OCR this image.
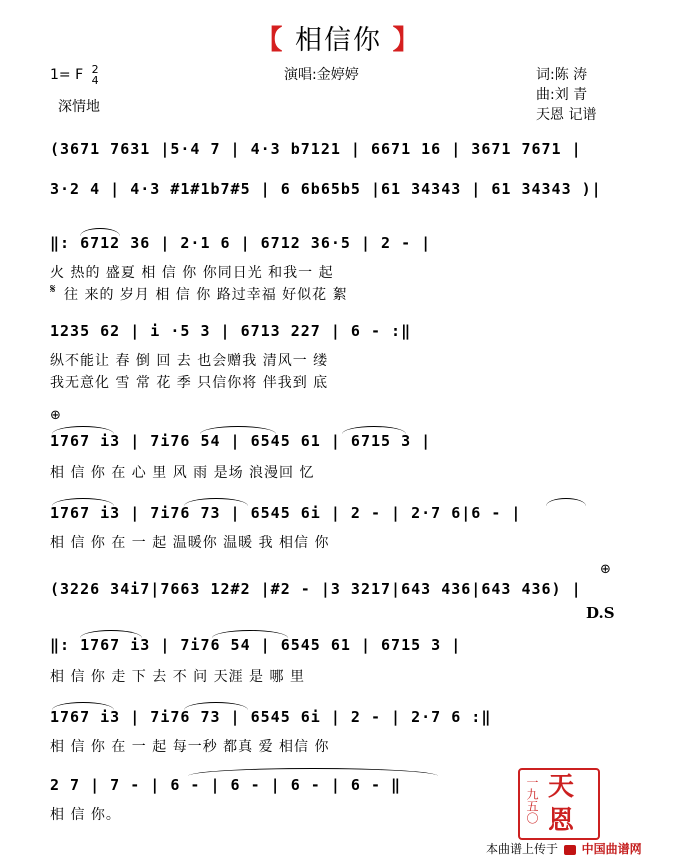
【 相信你 】
1= F 2
4
深情地
演唱:金婷婷	词:陈 涛
曲:刘 青
天恩 记谱
(3671 7631 |5·4 7 | 4·3 b7121 | 6671 16 | 3671 7671 |
3·2 4 | 4·3 #1#1b7#5 | 6 6b65b5 |61 34343 | 61 34343 )|
‖: 6712 36 | 2·1 6 | 6712 36·5 | 2 - |
火 热的 盛夏 相 信 你 你同日光 和我一 起
𝄋 往 来的 岁月 相 信 你 路过幸福 好似花 絮
1235 62 | i ·5 3 | 6713 227 | 6 - :‖
纵不能让 春 倒 回 去 也会赠我 清风一 缕
我无意化 雪 常 花 季 只信你将 伴我到 底
⊕
1767 i3 | 7i76 54 | 6545 61 | 6715 3 |
相 信 你 在 心 里 风 雨 是场 浪漫回 忆
1767 i3 | 7i76 73 | 6545 6i | 2 - | 2·7 6|6 - |
相 信 你 在 一 起 温暖你 温暖 我 相信 你
(3226 34i7|7663 12#2 |#2 - |3 3217|643 436|643 436) |
⊕
D.S
‖: 1767 i3 | 7i76 54 | 6545 61 | 6715 3 |
相 信 你 走 下 去 不 问 天涯 是 哪 里
1767 i3 | 7i76 73 | 6545 6i | 2 - | 2·7 6 :‖
相 信 你 在 一 起 每一秒 都真 爱 相信 你
2 7 | 7 - | 6 - | 6 - | 6 - | 6 - ‖
相 信 你。	一九五〇 天恩
本曲谱上传于 中国曲谱网
